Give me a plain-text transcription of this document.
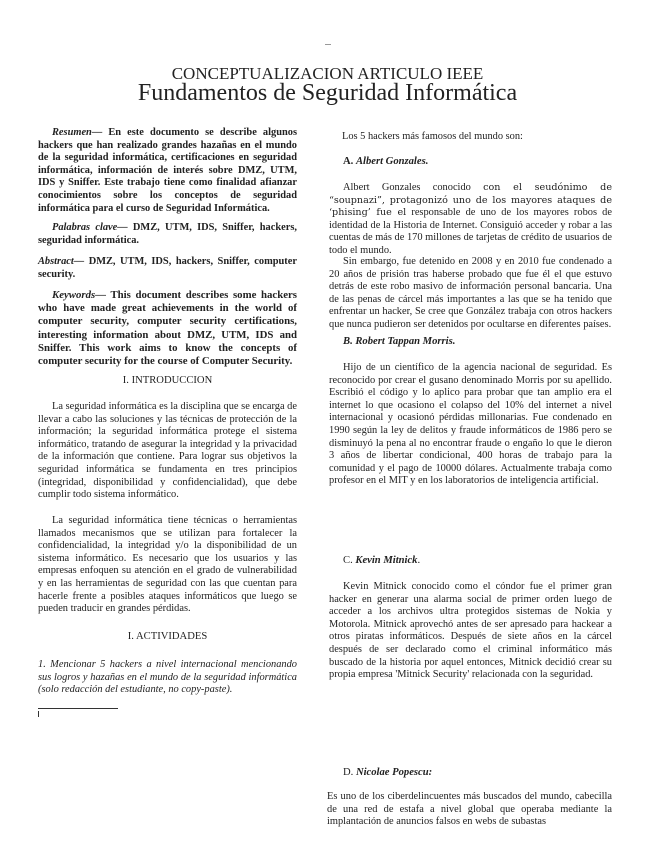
CONCEPTUALIZACION ARTICULO IEEE
Fundamentos de Seguridad Informática

Resumen— En este documento se describe algunos hackers que han realizado grandes hazañas en el mundo de la seguridad informática, certificaciones en seguridad informática, información de interés sobre DMZ, UTM, IDS y Sniffer. Este trabajo tiene como finalidad afianzar conocimientos sobre los conceptos de seguridad informática para el curso de Seguridad Informática.

Palabras clave— DMZ, UTM, IDS, Sniffer, hackers, seguridad informática.

Abstract— DMZ, UTM, IDS, hackers, Sniffer, computer security.

Keywords— This document describes some hackers who have made great achievements in the world of computer security, computer security certifications, interesting information about DMZ, UTM, IDS and Sniffer. This work aims to know the concepts of computer security for the course of Computer Security.

I. INTRODUCCION

La seguridad informática es la disciplina que se encarga de llevar a cabo las soluciones y las técnicas de protección de la información; la seguridad informática protege el sistema informático, tratando de asegurar la integridad y la privacidad de la información que contiene. Para lograr sus objetivos la seguridad informática se fundamenta en tres principios (integridad, disponibilidad y confidencialidad), que debe cumplir todo sistema informático.

La seguridad informática tiene técnicas o herramientas llamados mecanismos que se utilizan para fortalecer la confidencialidad, la integridad y/o la disponibilidad de un sistema informático. Es necesario que los usuarios y las empresas enfoquen su atención en el grado de vulnerabilidad y en las herramientas de seguridad con las que cuentan para hacerle frente a posibles ataques informáticos que luego se pueden traducir en grandes pérdidas.

I. ACTIVIDADES

1. Mencionar 5 hackers a nivel internacional mencionando sus logros y hazañas en el mundo de la seguridad informática (solo redacción del estudiante, no copy-paste).

Los 5 hackers más famosos del mundo son:

A. Albert Gonzales.

Albert Gonzales conocido con el seudónimo de “soupnazi”, protagonizó uno de los mayores ataques de ‘phising’ fue el responsable de uno de los mayores robos de identidad de la Historia de Internet. Consiguió acceder y robar a las cuentas de más de 170 millones de tarjetas de crédito de usuarios de todo el mundo.

Sin embargo, fue detenido en 2008 y en 2010 fue condenado a 20 años de prisión tras haberse probado que fue él el que estuvo detrás de este robo masivo de información personal bancaria. Una de las penas de cárcel más importantes a las que se ha tenido que enfrentar un hacker, Se cree que González trabaja con otros hackers que nunca pudieron ser detenidos por ocultarse en diferentes países.

B. Robert Tappan Morris.

Hijo de un científico de la agencia nacional de seguridad. Es reconocido por crear el gusano denominado Morris por su apellido. Escribió el código y lo aplico para probar que tan amplio era el internet lo que ocasiono el colapso del 10% del internet a nivel internacional y ocasionó pérdidas millonarias. Fue condenado en 1990 según la ley de delitos y fraude informáticos de 1986 pero se disminuyó la pena al no encontrar fraude o engaño lo que le dieron 3 años de libertar condicional, 400 horas de trabajo para la comunidad y el pago de 10000 dólares. Actualmente trabaja como profesor en el MIT y en los laboratorios de inteligencia artificial.

C. Kevin Mitnick.

Kevin Mitnick conocido como el cóndor fue el primer gran hacker en generar una alarma social de primer orden luego de acceder a los archivos ultra protegidos sistemas de Nokia y Motorola. Mitnick aprovechó antes de ser apresado para hackear a otros piratas informáticos. Después de siete años en la cárcel después de ser declarado como el criminal informático más buscado de la historia por aquel entonces, Mitnick decidió crear su propia empresa 'Mitnick Security' relacionada con la seguridad.

D. Nicolae Popescu:

Es uno de los ciberdelincuentes más buscados del mundo, cabecilla de una red de estafa a nivel global que operaba mediante la implantación de anuncios falsos en webs de subastas
